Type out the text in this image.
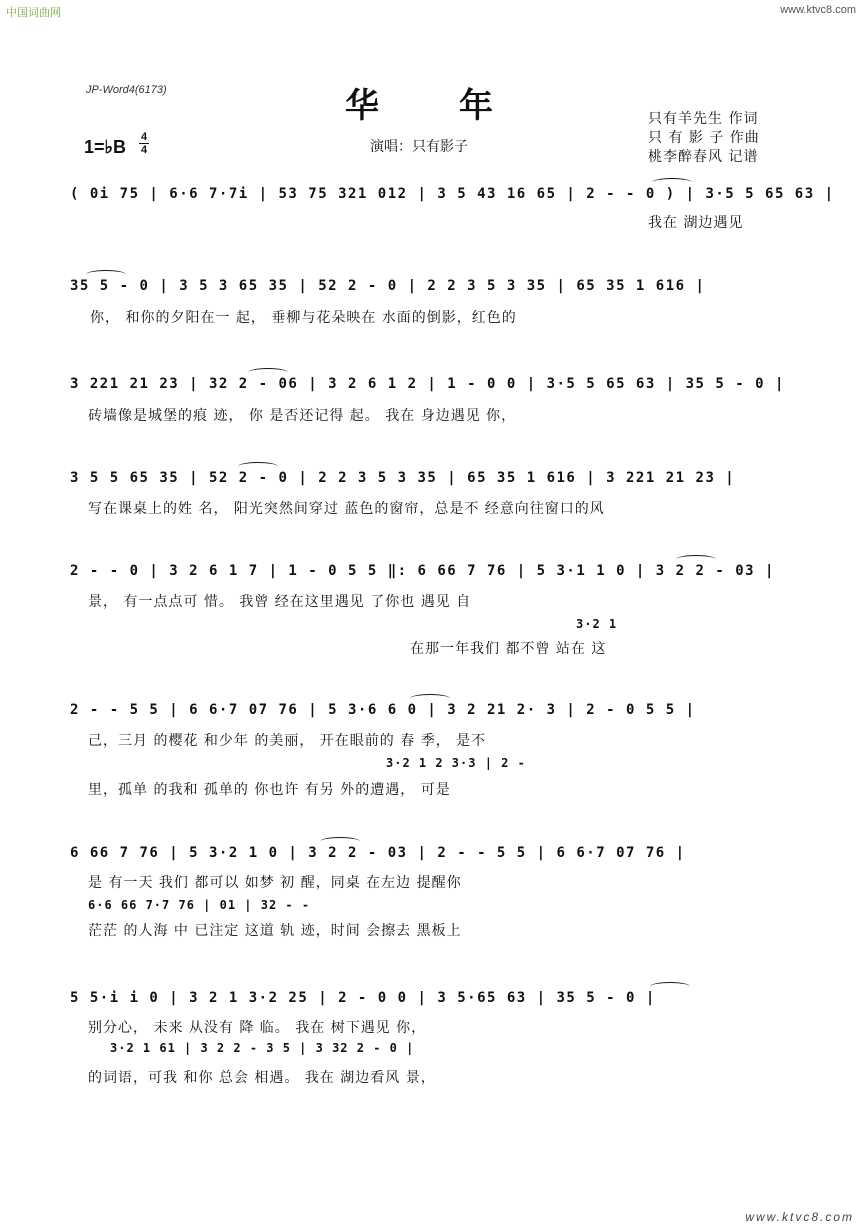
中国词曲网	www.ktvc8.com
JP-Word4(6173)	华年	只有羊先生 作词
只 有 影 子 作曲
桃李醉春风 记谱
演唱：只有影子
1=♭B 4
4
( 0i 75 | 6·6 7·7i | 53 75 321 012 | 3 5 43 16 65 | 2 - - 0 ) | 3·5 5 65 63 |
我在 湖边遇见
35 5 - 0 | 3 5 3 65 35 | 52 2 - 0 | 2 2 3 5 3 35 | 65 35 1 616 |
你， 和你的夕阳在一 起， 垂柳与花朵映在 水面的倒影，红色的
3 221 21 23 | 32 2 - 06 | 3 2 6 1 2 | 1 - 0 0 | 3·5 5 65 63 | 35 5 - 0 |
砖墙像是城堡的痕 迹， 你 是否还记得 起。 我在 身边遇见 你，
3 5 5 65 35 | 52 2 - 0 | 2 2 3 5 3 35 | 65 35 1 616 | 3 221 21 23 |
写在课桌上的姓 名， 阳光突然间穿过 蓝色的窗帘，总是不 经意向往窗口的风
2 - - 0 | 3 2 6 1 7 | 1 - 0 5 5 ‖: 6 66 7 76 | 5 3·1 1 0 | 3 2 2 - 03 |
景， 有一点点可 惜。 我曾 经在这里遇见 了你也 遇见 自
3·2 1
在那一年我们 都不曾 站在 这
2 - - 5 5 | 6 6·7 07 76 | 5 3·6 6 0 | 3 2 21 2· 3 | 2 - 0 5 5 |
己，三月 的樱花 和少年 的美丽， 开在眼前的 春 季， 是不
3·2 1 2 3·3 | 2 -
里，孤单 的我和 孤单的 你也许 有另 外的遭遇， 可是
6 66 7 76 | 5 3·2 1 0 | 3 2 2 - 03 | 2 - - 5 5 | 6 6·7 07 76 |
是 有一天 我们 都可以 如梦 初 醒，同桌 在左边 提醒你
6·6 66 7·7 76 | 01 | 32 - -
茫茫 的人海 中 已注定 这道 轨 迹，时间 会擦去 黑板上
5 5·i i 0 | 3 2 1 3·2 25 | 2 - 0 0 | 3 5·65 63 | 35 5 - 0 |
别分心， 未来 从没有 降 临。 我在 树下遇见 你，
3·2 1 61 | 3 2 2 - 3 5 | 3 32 2 - 0 |
的词语，可我 和你 总会 相遇。 我在 湖边看风 景，
www.ktvc8.com
